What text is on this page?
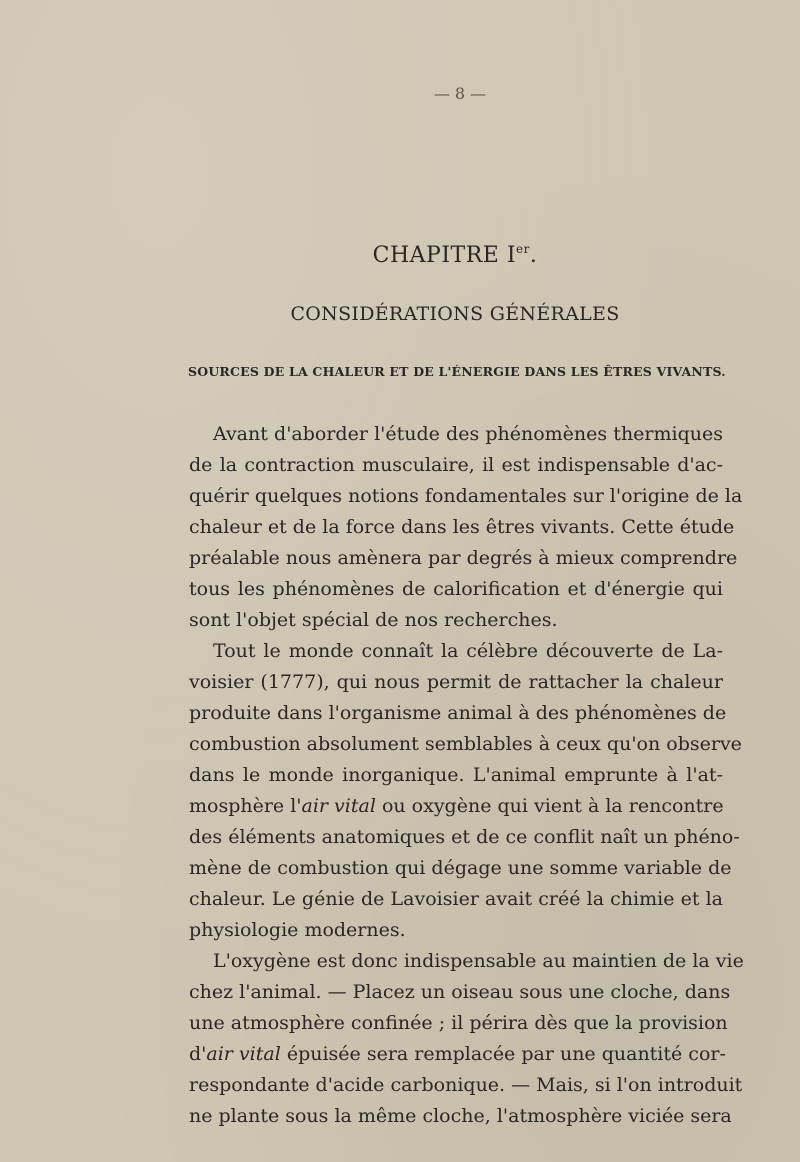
— 8 —
CHAPITRE Ier.
CONSIDÉRATIONS GÉNÉRALES
SOURCES DE LA CHALEUR ET DE L'ÉNERGIE DANS LES ÊTRES VIVANTS.
Avant d'aborder l'étude des phénomènes thermiques
de la contraction musculaire, il est indispensable d'ac-
quérir quelques notions fondamentales sur l'origine de la
chaleur et de la force dans les êtres vivants. Cette étude
préalable nous amènera par degrés à mieux comprendre
tous les phénomènes de calorification et d'énergie qui
sont l'objet spécial de nos recherches.
Tout le monde connaît la célèbre découverte de La-
voisier (1777), qui nous permit de rattacher la chaleur
produite dans l'organisme animal à des phénomènes de
combustion absolument semblables à ceux qu'on observe
dans le monde inorganique. L'animal emprunte à l'at-
mosphère l'air vital ou oxygène qui vient à la rencontre
des éléments anatomiques et de ce conflit naît un phéno-
mène de combustion qui dégage une somme variable de
chaleur. Le génie de Lavoisier avait créé la chimie et la
physiologie modernes.
L'oxygène est donc indispensable au maintien de la vie
chez l'animal. — Placez un oiseau sous une cloche, dans
une atmosphère confinée ; il périra dès que la provision
d'air vital épuisée sera remplacée par une quantité cor-
respondante d'acide carbonique. — Mais, si l'on introduit
ne plante sous la même cloche, l'atmosphère viciée sera
